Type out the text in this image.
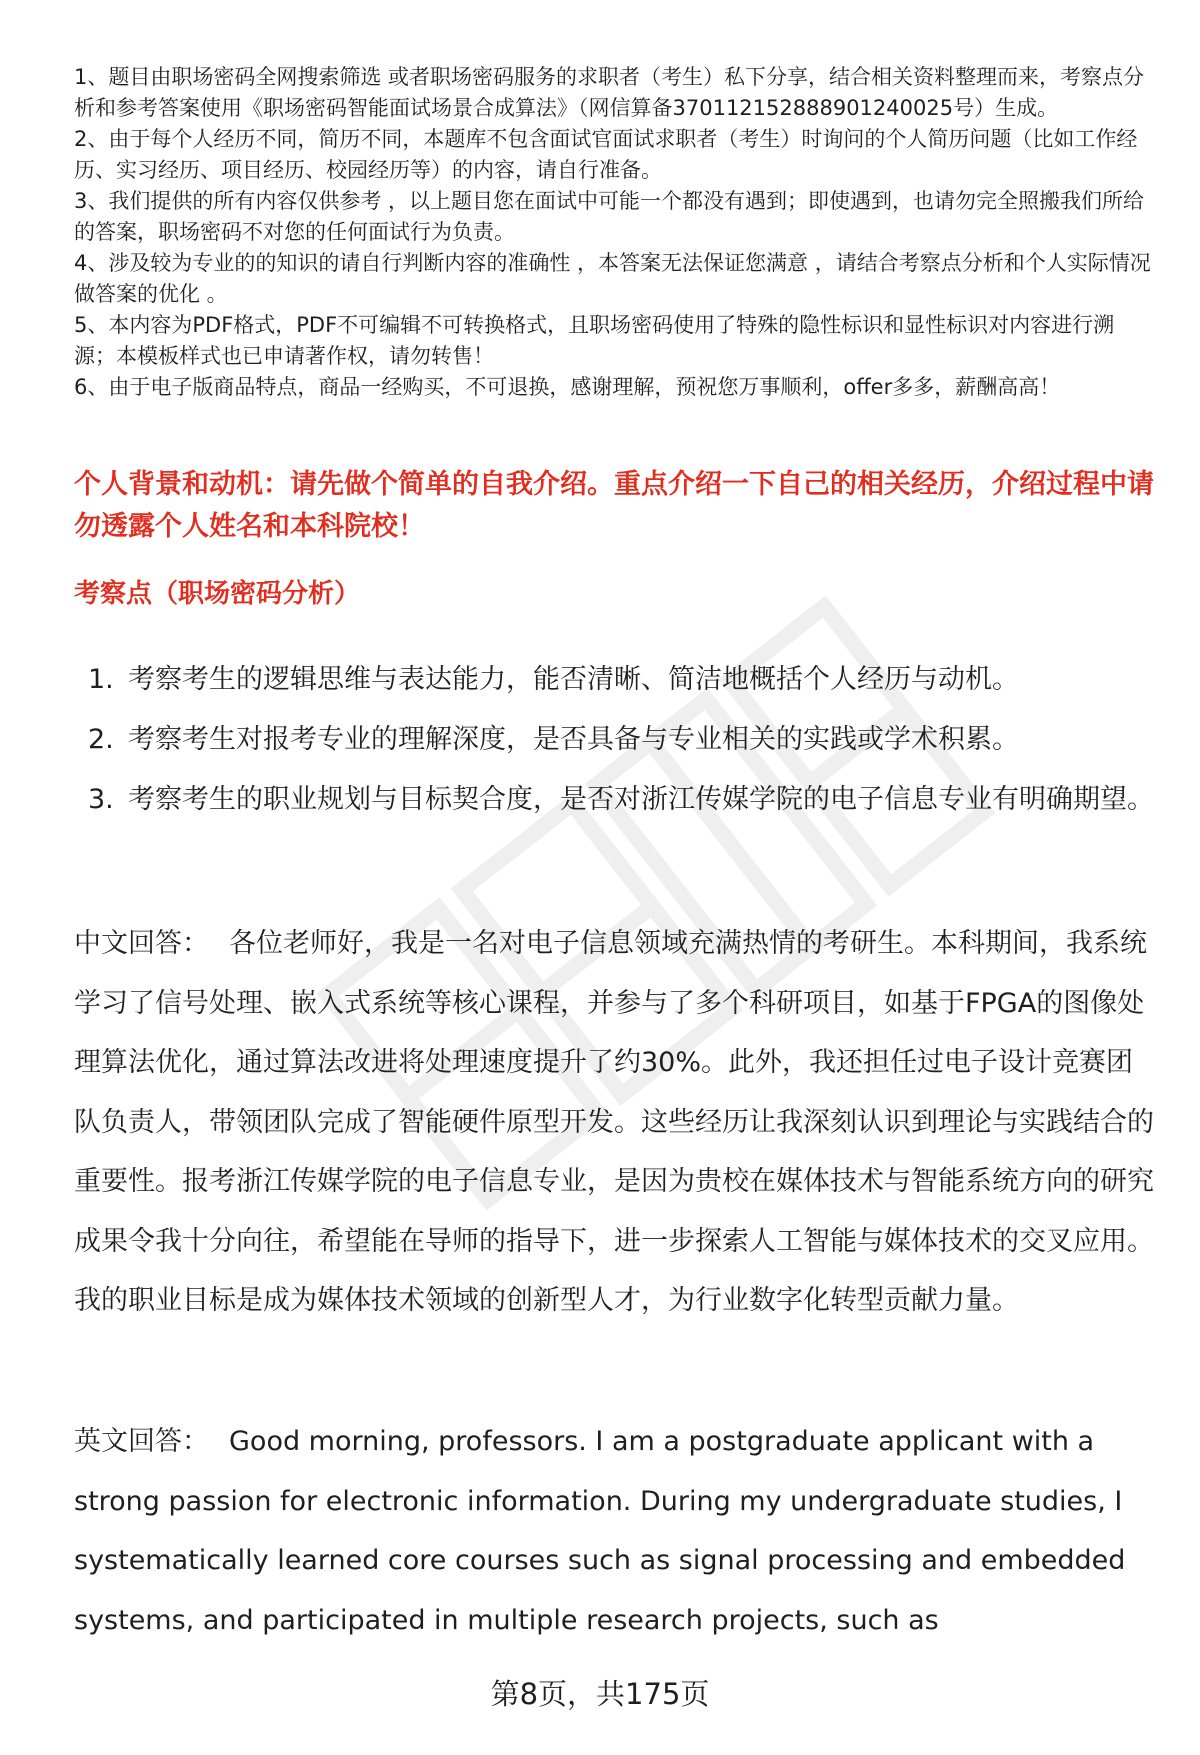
1、题目由职场密码全网搜索筛选 或者职场密码服务的求职者（考生）私下分享，结合相关资料整理而来，考察点分析和参考答案使用《职场密码智能面试场景合成算法》（网信算备370112152888901240025号）生成。

2、由于每个人经历不同，简历不同，本题库不包含面试官面试求职者（考生）时询问的个人简历问题（比如工作经历、实习经历、项目经历、校园经历等）的内容，请自行准备。

3、我们提供的所有内容仅供参考 ，以上题目您在面试中可能一个都没有遇到；即使遇到，也请勿完全照搬我们所给的答案，职场密码不对您的任何面试行为负责。

4、涉及较为专业的的知识的请自行判断内容的准确性 ，本答案无法保证您满意 ，请结合考察点分析和个人实际情况做答案的优化 。

5、本内容为PDF格式，PDF不可编辑不可转换格式，且职场密码使用了特殊的隐性标识和显性标识对内容进行溯源；本模板样式也已申请著作权，请勿转售！

6、由于电子版商品特点，商品一经购买，不可退换，感谢理解，预祝您万事顺利，offer多多，薪酬高高！

个人背景和动机：请先做个简单的自我介绍。重点介绍一下自己的相关经历，介绍过程中请勿透露个人姓名和本科院校！

考察点（职场密码分析）

1. 考察考生的逻辑思维与表达能力，能否清晰、简洁地概括个人经历与动机。
2. 考察考生对报考专业的理解深度，是否具备与专业相关的实践或学术积累。
3. 考察考生的职业规划与目标契合度，是否对浙江传媒学院的电子信息专业有明确期望。

中文回答： 各位老师好，我是一名对电子信息领域充满热情的考研生。本科期间，我系统学习了信号处理、嵌入式系统等核心课程，并参与了多个科研项目，如基于FPGA的图像处理算法优化，通过算法改进将处理速度提升了约30%。此外，我还担任过电子设计竞赛团队负责人，带领团队完成了智能硬件原型开发。这些经历让我深刻认识到理论与实践结合的重要性。报考浙江传媒学院的电子信息专业，是因为贵校在媒体技术与智能系统方向的研究成果令我十分向往，希望能在导师的指导下，进一步探索人工智能与媒体技术的交叉应用。我的职业目标是成为媒体技术领域的创新型人才，为行业数字化转型贡献力量。

英文回答： Good morning, professors. I am a postgraduate applicant with a strong passion for electronic information. During my undergraduate studies, I systematically learned core courses such as signal processing and embedded systems, and participated in multiple research projects, such as

第8页，共175页
